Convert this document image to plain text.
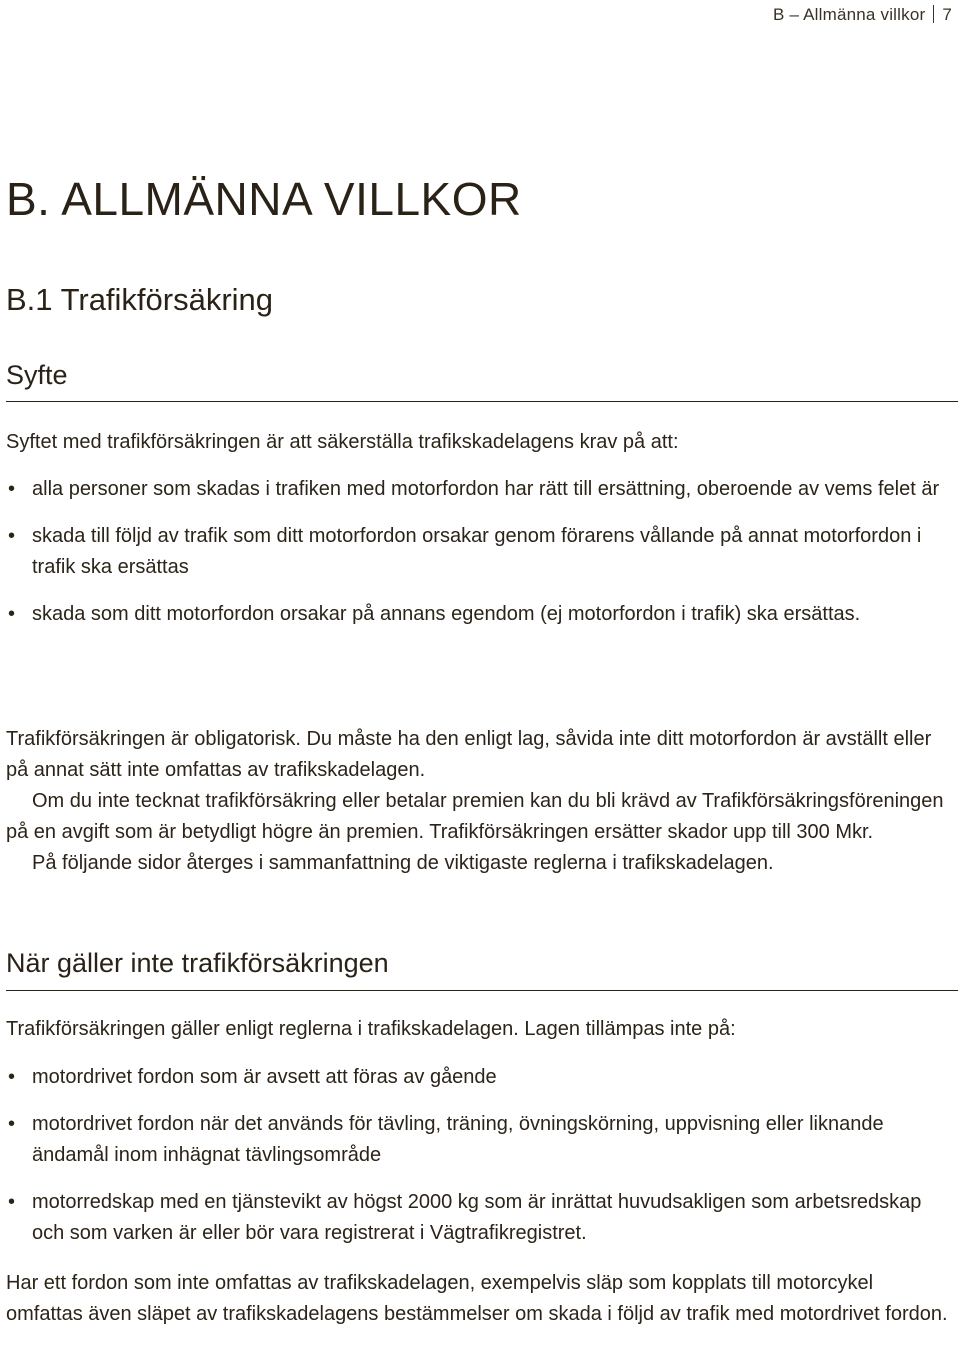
B – Allmänna villkor 7
B. ALLMÄNNA VILLKOR
B.1 Trafikförsäkring
Syfte
Syftet med trafikförsäkringen är att säkerställa trafikskadelagens krav på att:
• alla personer som skadas i trafiken med motorfordon har rätt till ersättning, oberoende av vems felet är
• skada till följd av trafik som ditt motorfordon orsakar genom förarens vållande på annat motorfordon i trafik ska ersättas
• skada som ditt motorfordon orsakar på annans egendom (ej motorfordon i trafik) ska ersättas.
Trafikförsäkringen är obligatorisk. Du måste ha den enligt lag, såvida inte ditt motorfordon är avställt eller på annat sätt inte omfattas av trafikskadelagen.
Om du inte tecknat trafikförsäkring eller betalar premien kan du bli krävd av Trafikförsäkringsföreningen på en avgift som är betydligt högre än premien. Trafikförsäkringen ersätter skador upp till 300 Mkr.
På följande sidor återges i sammanfattning de viktigaste reglerna i trafikskadelagen.
När gäller inte trafikförsäkringen
Trafikförsäkringen gäller enligt reglerna i trafikskadelagen. Lagen tillämpas inte på:
• motordrivet fordon som är avsett att föras av gående
• motordrivet fordon när det används för tävling, träning, övningskörning, uppvisning eller liknande ändamål inom inhägnat tävlingsområde
• motorredskap med en tjänstevikt av högst 2000 kg som är inrättat huvudsakligen som arbetsredskap och som varken är eller bör vara registrerat i Vägtrafikregistret.
Har ett fordon som inte omfattas av trafikskadelagen, exempelvis släp som kopplats till motorcykel omfattas även släpet av trafikskadelagens bestämmelser om skada i följd av trafik med motordrivet fordon.
